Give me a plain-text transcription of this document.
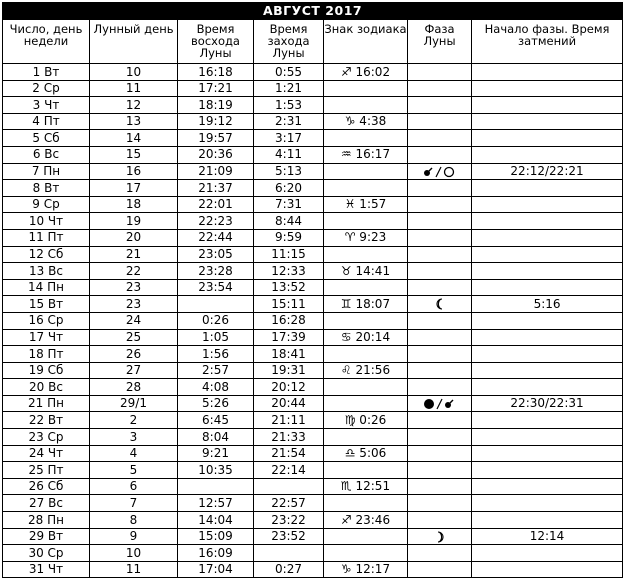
АВГУСТ 2017						
Число, день недели	Лунный день	Время восхода Луны	Время захода Луны	Знак зодиака	Фаза Луны	Начало фазы. Время затмений
1 Вт	10	16:18	0:55	♐ 16:02		
2 Ср	11	17:21	1:21			
3 Чт	12	18:19	1:53			
4 Пт	13	19:12	2:31	♑ 4:38		
5 Сб	14	19:57	3:17			
6 Вс	15	20:36	4:11	♒ 16:17		
7 Пн	16	21:09	5:13			22:12/22:21
8 Вт	17	21:37	6:20			
9 Ср	18	22:01	7:31	♓ 1:57		
10 Чт	19	22:23	8:44			
11 Пт	20	22:44	9:59	♈ 9:23		
12 Сб	21	23:05	11:15			
13 Вс	22	23:28	12:33	♉ 14:41		
14 Пн	23	23:54	13:52			
15 Вт	23		15:11	♊ 18:07		5:16
16 Ср	24	0:26	16:28			
17 Чт	25	1:05	17:39	♋ 20:14		
18 Пт	26	1:56	18:41			
19 Сб	27	2:57	19:31	♌ 21:56		
20 Вс	28	4:08	20:12			
21 Пн	29/1	5:26	20:44			22:30/22:31
22 Вт	2	6:45	21:11	♍ 0:26		
23 Ср	3	8:04	21:33			
24 Чт	4	9:21	21:54	♎ 5:06		
25 Пт	5	10:35	22:14			
26 Сб	6			♏ 12:51		
27 Вс	7	12:57	22:57			
28 Пн	8	14:04	23:22	♐ 23:46		
29 Вт	9	15:09	23:52			12:14
30 Ср	10	16:09				
31 Чт	11	17:04	0:27	♑ 12:17		
